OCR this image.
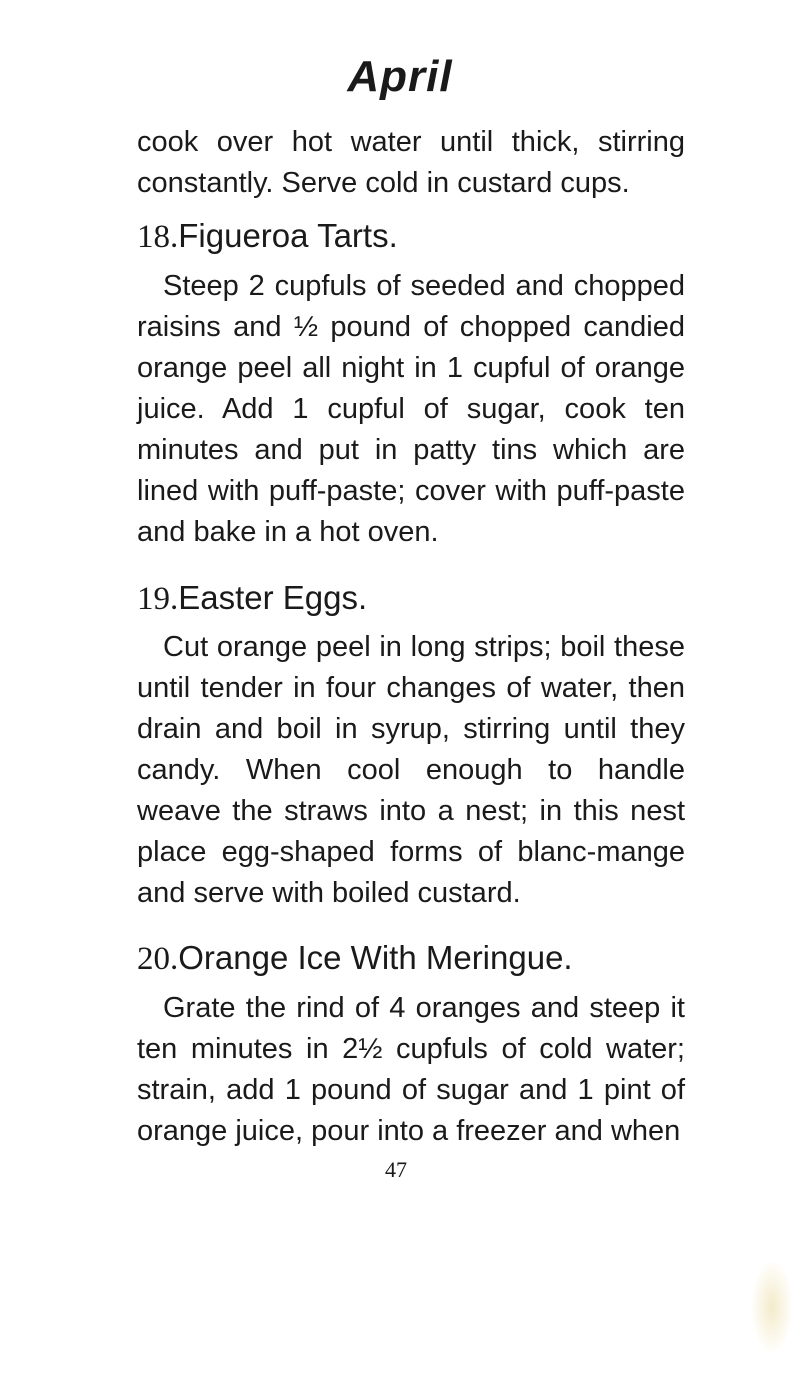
April

cook over hot water until thick, stirring constantly. Serve cold in custard cups.

18.Figueroa Tarts.

Steep 2 cupfuls of seeded and chopped raisins and ½ pound of chopped candied orange peel all night in 1 cupful of orange juice. Add 1 cupful of sugar, cook ten minutes and put in patty tins which are lined with puff-paste; cover with puff-paste and bake in a hot oven.

19.Easter Eggs.

Cut orange peel in long strips; boil these until tender in four changes of water, then drain and boil in syrup, stirring until they candy. When cool enough to handle weave the straws into a nest; in this nest place egg-shaped forms of blanc-mange and serve with boiled custard.

20.Orange Ice With Meringue.

Grate the rind of 4 oranges and steep it ten minutes in 2½ cupfuls of cold water; strain, add 1 pound of sugar and 1 pint of orange juice, pour into a freezer and when

47
